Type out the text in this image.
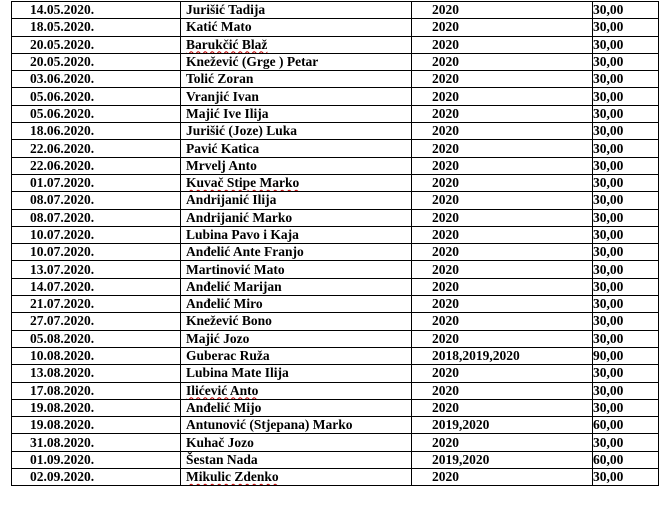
14.05.2020.	Jurišić Tadija	2020	30,00
18.05.2020.	Katić Mato	2020	30,00
20.05.2020.	Barukčić Blaž	2020	30,00
20.05.2020.	Knežević (Grge ) Petar	2020	30,00
03.06.2020.	Tolić Zoran	2020	30,00
05.06.2020.	Vranjić Ivan	2020	30,00
05.06.2020.	Majić Ive Ilija	2020	30,00
18.06.2020.	Jurišić (Joze) Luka	2020	30,00
22.06.2020.	Pavić Katica	2020	30,00
22.06.2020.	Mrvelj Anto	2020	30,00
01.07.2020.	Kuvač Stipe Marko	2020	30,00
08.07.2020.	Andrijanić Ilija	2020	30,00
08.07.2020.	Andrijanić Marko	2020	30,00
10.07.2020.	Lubina Pavo i Kaja	2020	30,00
10.07.2020.	Anđelić Ante Franjo	2020	30,00
13.07.2020.	Martinović Mato	2020	30,00
14.07.2020.	Anđelić Marijan	2020	30,00
21.07.2020.	Anđelić Miro	2020	30,00
27.07.2020.	Knežević Bono	2020	30,00
05.08.2020.	Majić Jozo	2020	30,00
10.08.2020.	Guberac Ruža	2018,2019,2020	90,00
13.08.2020.	Lubina Mate Ilija	2020	30,00
17.08.2020.	Ilićević Anto	2020	30,00
19.08.2020.	Anđelić Mijo	2020	30,00
19.08.2020.	Antunović (Stjepana) Marko	2019,2020	60,00
31.08.2020.	Kuhač Jozo	2020	30,00
01.09.2020.	Šestan Nada	2019,2020	60,00
02.09.2020.	Mikulic Zdenko	2020	30,00
